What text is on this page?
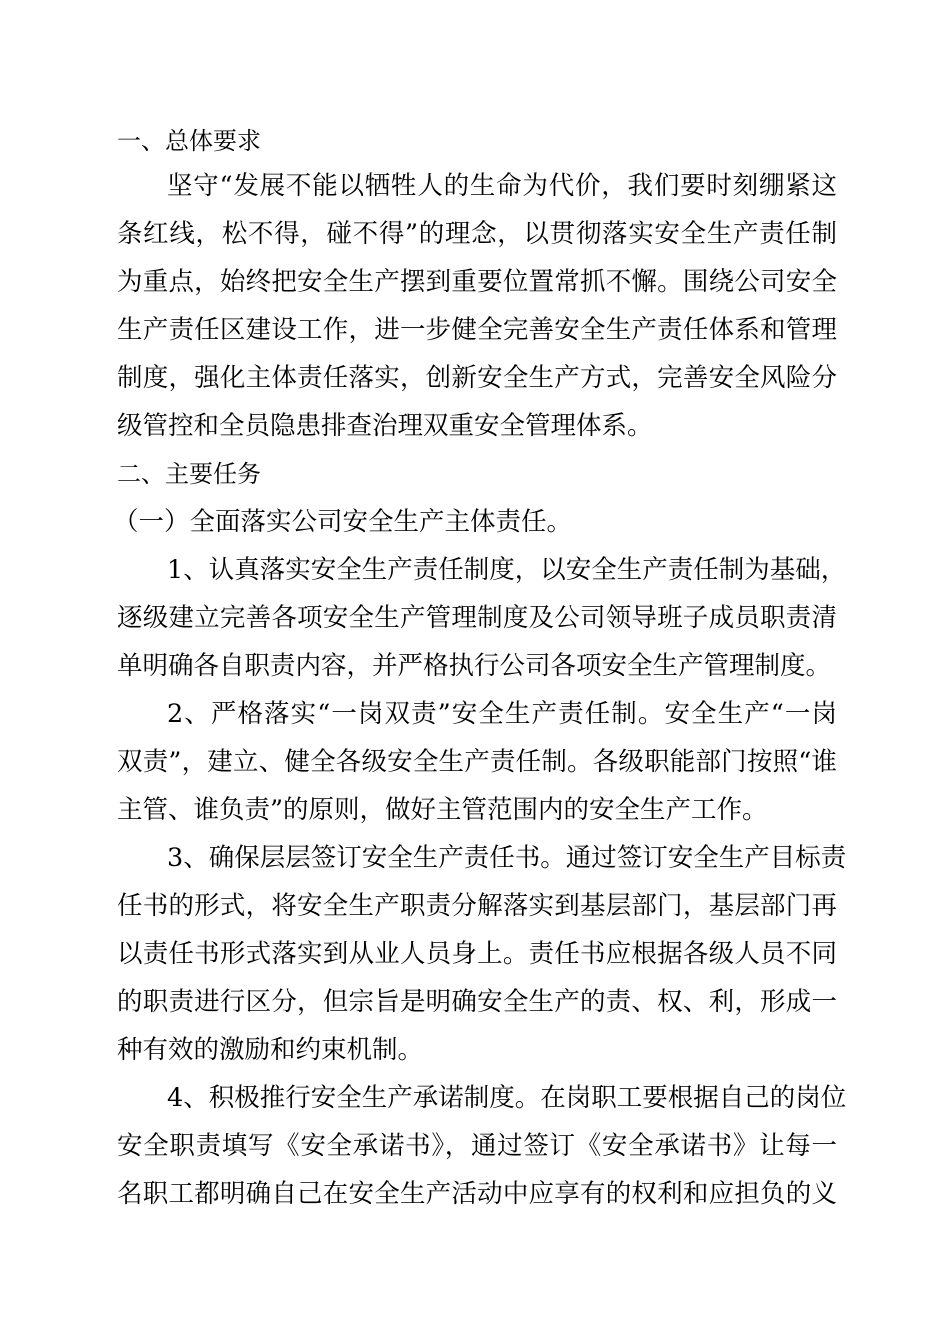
一、总体要求
坚守“发展不能以牺牲人的生命为代价，我们要时刻绷紧这
条红线，松不得，碰不得”的理念，以贯彻落实安全生产责任制
为重点，始终把安全生产摆到重要位置常抓不懈。围绕公司安全
生产责任区建设工作，进一步健全完善安全生产责任体系和管理
制度，强化主体责任落实，创新安全生产方式，完善安全风险分
级管控和全员隐患排查治理双重安全管理体系。
二、主要任务
（一）全面落实公司安全生产主体责任。
1、认真落实安全生产责任制度，以安全生产责任制为基础，
逐级建立完善各项安全生产管理制度及公司领导班子成员职责清
单明确各自职责内容，并严格执行公司各项安全生产管理制度。
2、严格落实“一岗双责”安全生产责任制。安全生产“一岗
双责”，建立、健全各级安全生产责任制。各级职能部门按照“谁
主管、谁负责”的原则，做好主管范围内的安全生产工作。
3、确保层层签订安全生产责任书。通过签订安全生产目标责
任书的形式，将安全生产职责分解落实到基层部门，基层部门再
以责任书形式落实到从业人员身上。责任书应根据各级人员不同
的职责进行区分，但宗旨是明确安全生产的责、权、利，形成一
种有效的激励和约束机制。
4、积极推行安全生产承诺制度。在岗职工要根据自己的岗位
安全职责填写《安全承诺书》，通过签订《安全承诺书》让每一
名职工都明确自己在安全生产活动中应享有的权利和应担负的义
